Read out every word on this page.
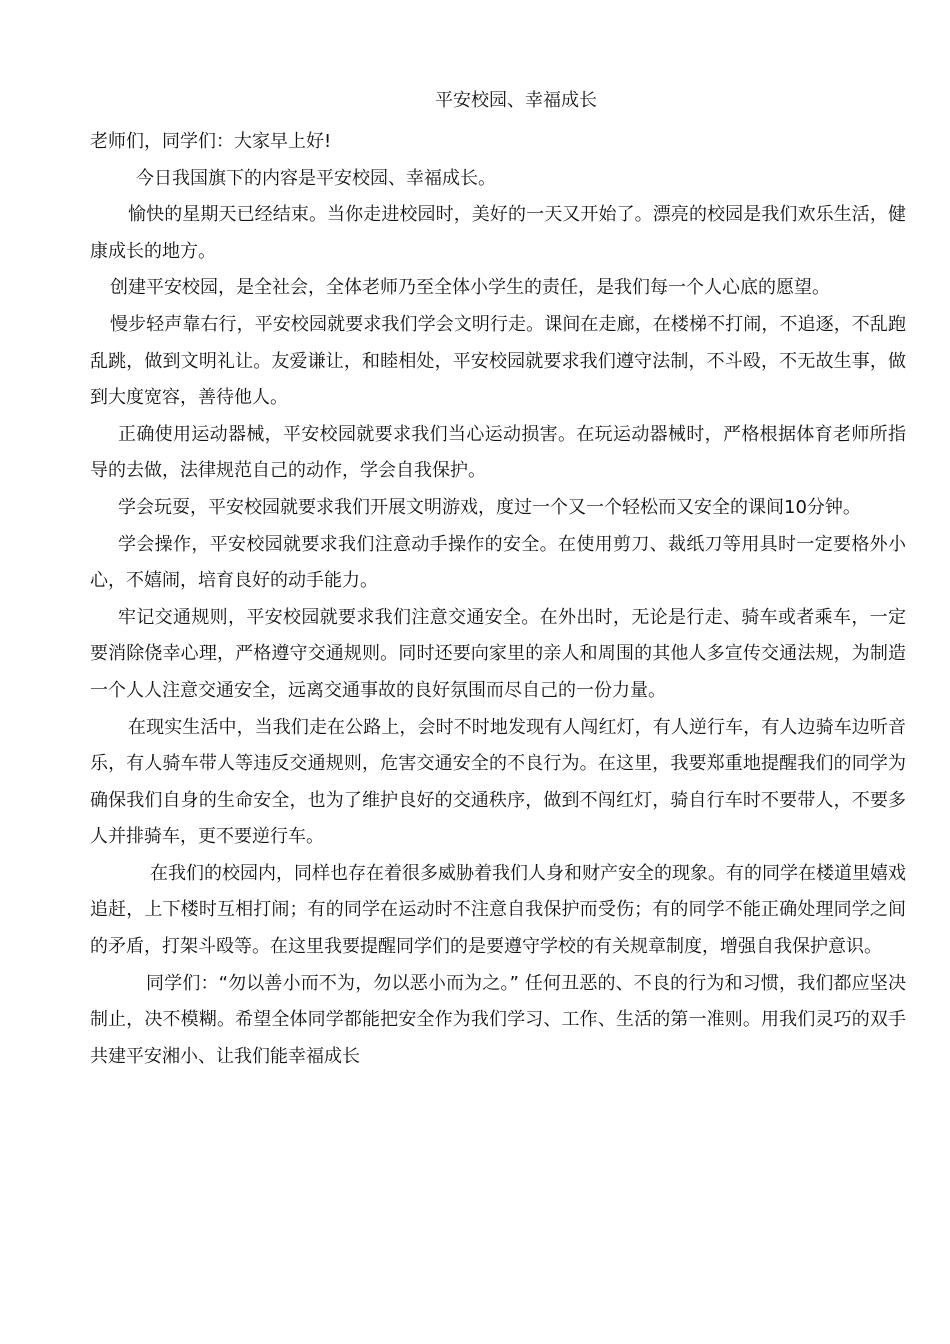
平安校园、幸福成长

老师们，同学们：大家早上好!

今日我国旗下的内容是平安校园、幸福成长。

愉快的星期天已经结束。当你走进校园时，美好的一天又开始了。漂亮的校园是我们欢乐生活，健康成长的地方。

创建平安校园，是全社会，全体老师乃至全体小学生的责任，是我们每一个人心底的愿望。

慢步轻声靠右行，平安校园就要求我们学会文明行走。课间在走廊，在楼梯不打闹，不追逐，不乱跑乱跳，做到文明礼让。友爱谦让，和睦相处，平安校园就要求我们遵守法制，不斗殴，不无故生事，做到大度宽容，善待他人。

正确使用运动器械，平安校园就要求我们当心运动损害。在玩运动器械时，严格根据体育老师所指导的去做，法律规范自己的动作，学会自我保护。

学会玩耍，平安校园就要求我们开展文明游戏，度过一个又一个轻松而又安全的课间10分钟。

学会操作，平安校园就要求我们注意动手操作的安全。在使用剪刀、裁纸刀等用具时一定要格外小心，不嬉闹，培育良好的动手能力。

牢记交通规则，平安校园就要求我们注意交通安全。在外出时，无论是行走、骑车或者乘车，一定要消除侥幸心理，严格遵守交通规则。同时还要向家里的亲人和周围的其他人多宣传交通法规，为制造一个人人注意交通安全，远离交通事故的良好氛围而尽自己的一份力量。

在现实生活中，当我们走在公路上，会时不时地发现有人闯红灯，有人逆行车，有人边骑车边听音乐，有人骑车带人等违反交通规则，危害交通安全的不良行为。在这里，我要郑重地提醒我们的同学为确保我们自身的生命安全，也为了维护良好的交通秩序，做到不闯红灯，骑自行车时不要带人，不要多人并排骑车，更不要逆行车。

在我们的校园内，同样也存在着很多威胁着我们人身和财产安全的现象。有的同学在楼道里嬉戏追赶，上下楼时互相打闹；有的同学在运动时不注意自我保护而受伤；有的同学不能正确处理同学之间的矛盾，打架斗殴等。在这里我要提醒同学们的是要遵守学校的有关规章制度，增强自我保护意识。

同学们：“勿以善小而不为，勿以恶小而为之。” 任何丑恶的、不良的行为和习惯，我们都应坚决制止，决不模糊。希望全体同学都能把安全作为我们学习、工作、生活的第一准则。用我们灵巧的双手共建平安湘小、让我们能幸福成长
